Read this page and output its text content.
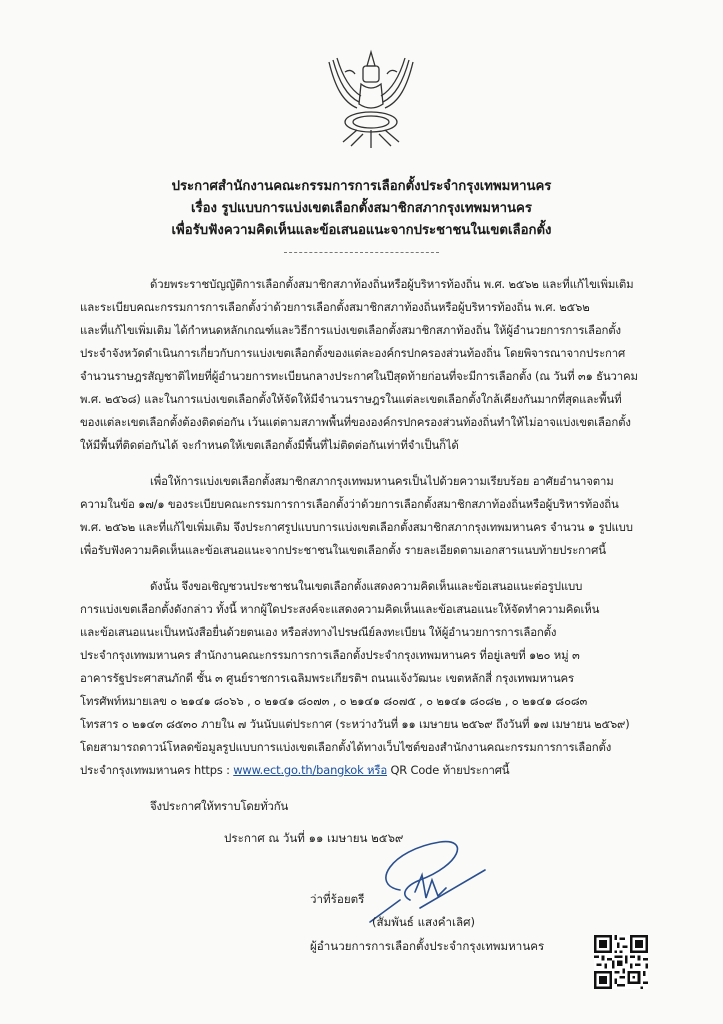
ประกาศสำนักงานคณะกรรมการการเลือกตั้งประจำกรุงเทพมหานคร
เรื่อง รูปแบบการแบ่งเขตเลือกตั้งสมาชิกสภากรุงเทพมหานคร
เพื่อรับฟังความคิดเห็นและข้อเสนอแนะจากประชาชนในเขตเลือกตั้ง
ด้วยพระราชบัญญัติการเลือกตั้งสมาชิกสภาท้องถิ่นหรือผู้บริหารท้องถิ่น พ.ศ. ๒๕๖๒ และที่แก้ไขเพิ่มเติม
และระเบียบคณะกรรมการการเลือกตั้งว่าด้วยการเลือกตั้งสมาชิกสภาท้องถิ่นหรือผู้บริหารท้องถิ่น พ.ศ. ๒๕๖๒
และที่แก้ไขเพิ่มเติม ได้กำหนดหลักเกณฑ์และวิธีการแบ่งเขตเลือกตั้งสมาชิกสภาท้องถิ่น ให้ผู้อำนวยการการเลือกตั้ง
ประจำจังหวัดดำเนินการเกี่ยวกับการแบ่งเขตเลือกตั้งของแต่ละองค์กรปกครองส่วนท้องถิ่น โดยพิจารณาจากประกาศ
จำนวนราษฎรสัญชาติไทยที่ผู้อำนวยการทะเบียนกลางประกาศในปีสุดท้ายก่อนที่จะมีการเลือกตั้ง (ณ วันที่ ๓๑ ธันวาคม
พ.ศ. ๒๕๖๘) และในการแบ่งเขตเลือกตั้งให้จัดให้มีจำนวนราษฎรในแต่ละเขตเลือกตั้งใกล้เคียงกันมากที่สุดและพื้นที่
ของแต่ละเขตเลือกตั้งต้องติดต่อกัน เว้นแต่ตามสภาพพื้นที่ขององค์กรปกครองส่วนท้องถิ่นทำให้ไม่อาจแบ่งเขตเลือกตั้ง
ให้มีพื้นที่ติดต่อกันได้ จะกำหนดให้เขตเลือกตั้งมีพื้นที่ไม่ติดต่อกันเท่าที่จำเป็นก็ได้
เพื่อให้การแบ่งเขตเลือกตั้งสมาชิกสภากรุงเทพมหานครเป็นไปด้วยความเรียบร้อย อาศัยอำนาจตาม
ความในข้อ ๑๗/๑ ของระเบียบคณะกรรมการการเลือกตั้งว่าด้วยการเลือกตั้งสมาชิกสภาท้องถิ่นหรือผู้บริหารท้องถิ่น
พ.ศ. ๒๕๖๒ และที่แก้ไขเพิ่มเติม จึงประกาศรูปแบบการแบ่งเขตเลือกตั้งสมาชิกสภากรุงเทพมหานคร จำนวน ๑ รูปแบบ
เพื่อรับฟังความคิดเห็นและข้อเสนอแนะจากประชาชนในเขตเลือกตั้ง รายละเอียดตามเอกสารแนบท้ายประกาศนี้
ดังนั้น จึงขอเชิญชวนประชาชนในเขตเลือกตั้งแสดงความคิดเห็นและข้อเสนอแนะต่อรูปแบบ
การแบ่งเขตเลือกตั้งดังกล่าว ทั้งนี้ หากผู้ใดประสงค์จะแสดงความคิดเห็นและข้อเสนอแนะให้จัดทำความคิดเห็น
และข้อเสนอแนะเป็นหนังสือยื่นด้วยตนเอง หรือส่งทางไปรษณีย์ลงทะเบียน ให้ผู้อำนวยการการเลือกตั้ง
ประจำกรุงเทพมหานคร สำนักงานคณะกรรมการการเลือกตั้งประจำกรุงเทพมหานคร ที่อยู่เลขที่ ๑๒๐ หมู่ ๓
อาคารรัฐประศาสนภักดี ชั้น ๓ ศูนย์ราชการเฉลิมพระเกียรติฯ ถนนแจ้งวัฒนะ เขตหลักสี่ กรุงเทพมหานคร
โทรศัพท์หมายเลข ๐ ๒๑๔๑ ๘๐๖๖ , ๐ ๒๑๔๑ ๘๐๗๓ , ๐ ๒๑๔๑ ๘๐๗๕ , ๐ ๒๑๔๑ ๘๐๘๒ , ๐ ๒๑๔๑ ๘๐๘๓
โทรสาร ๐ ๒๑๔๓ ๘๕๓๐ ภายใน ๗ วันนับแต่ประกาศ (ระหว่างวันที่ ๑๑ เมษายน ๒๕๖๙ ถึงวันที่ ๑๗ เมษายน ๒๕๖๙)
โดยสามารถดาวน์โหลดข้อมูลรูปแบบการแบ่งเขตเลือกตั้งได้ทางเว็บไซต์ของสำนักงานคณะกรรมการการเลือกตั้ง
ประจำกรุงเทพมหานคร https : www.ect.go.th/bangkok หรือ QR Code ท้ายประกาศนี้
จึงประกาศให้ทราบโดยทั่วกัน
ประกาศ ณ วันที่ ๑๑ เมษายน ๒๕๖๙
ว่าที่ร้อยตรี
(สัมพันธ์ แสงคำเลิศ)
ผู้อำนวยการการเลือกตั้งประจำกรุงเทพมหานคร
